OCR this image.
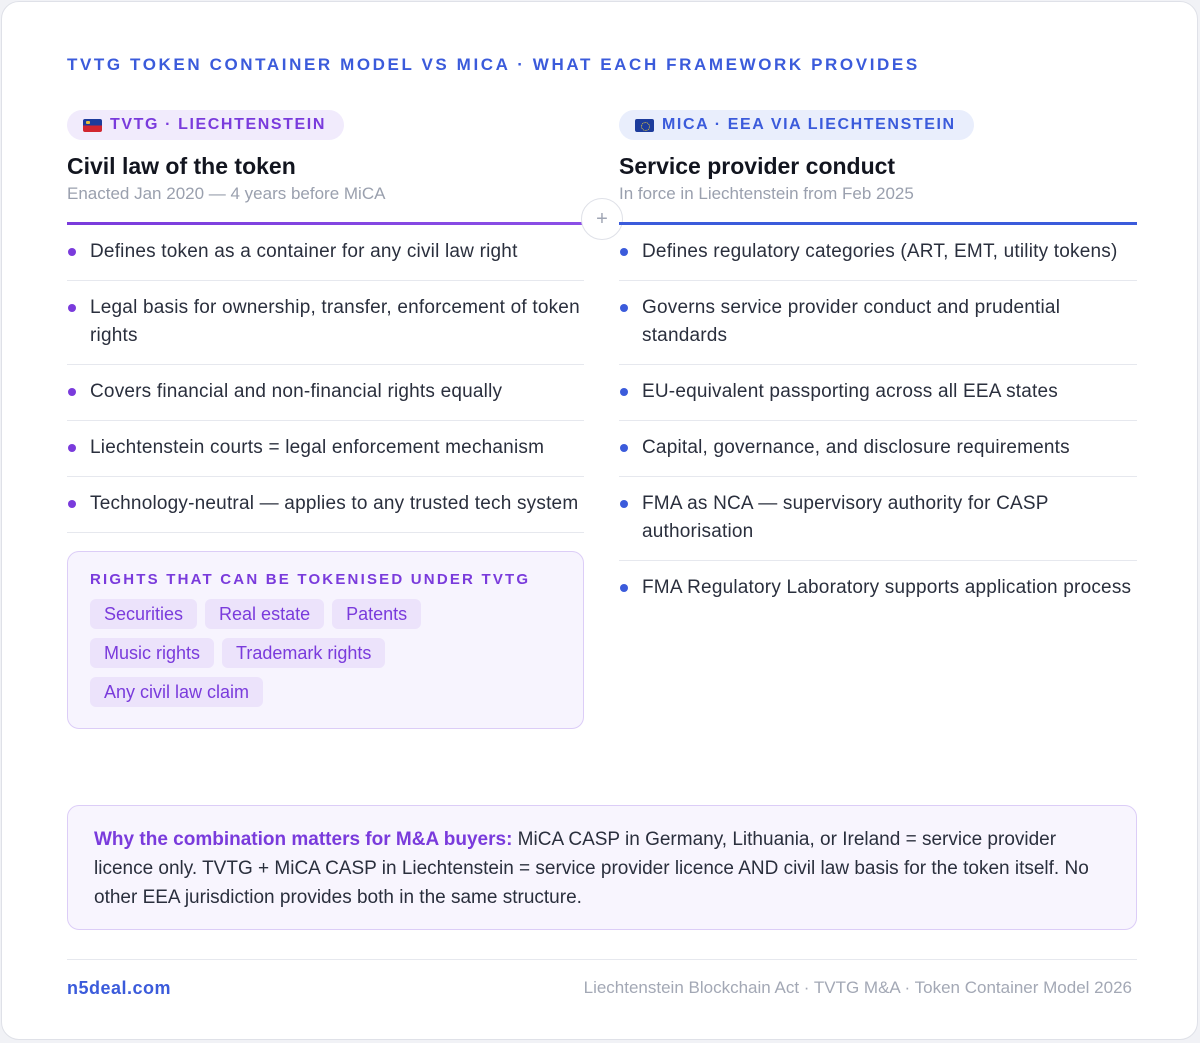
TVTG TOKEN CONTAINER MODEL VS MICA · WHAT EACH FRAMEWORK PROVIDES
TVTG · LIECHTENSTEIN
Civil law of the token
Enacted Jan 2020 — 4 years before MiCA
Defines token as a container for any civil law right
Legal basis for ownership, transfer, enforcement of token rights
Covers financial and non-financial rights equally
Liechtenstein courts = legal enforcement mechanism
Technology-neutral — applies to any trusted tech system
RIGHTS THAT CAN BE TOKENISED UNDER TVTG
Securities	Real estate	Patents
Music rights	Trademark rights
Any civil law claim
+
MICA · EEA VIA LIECHTENSTEIN
Service provider conduct
In force in Liechtenstein from Feb 2025
Defines regulatory categories (ART, EMT, utility tokens)
Governs service provider conduct and prudential standards
EU-equivalent passporting across all EEA states
Capital, governance, and disclosure requirements
FMA as NCA — supervisory authority for CASP authorisation
FMA Regulatory Laboratory supports application process
Why the combination matters for M&A buyers: MiCA CASP in Germany, Lithuania, or Ireland = service provider licence only. TVTG + MiCA CASP in Liechtenstein = service provider licence AND civil law basis for the token itself. No other EEA jurisdiction provides both in the same structure.
n5deal.com	Liechtenstein Blockchain Act · TVTG M&A · Token Container Model 2026
